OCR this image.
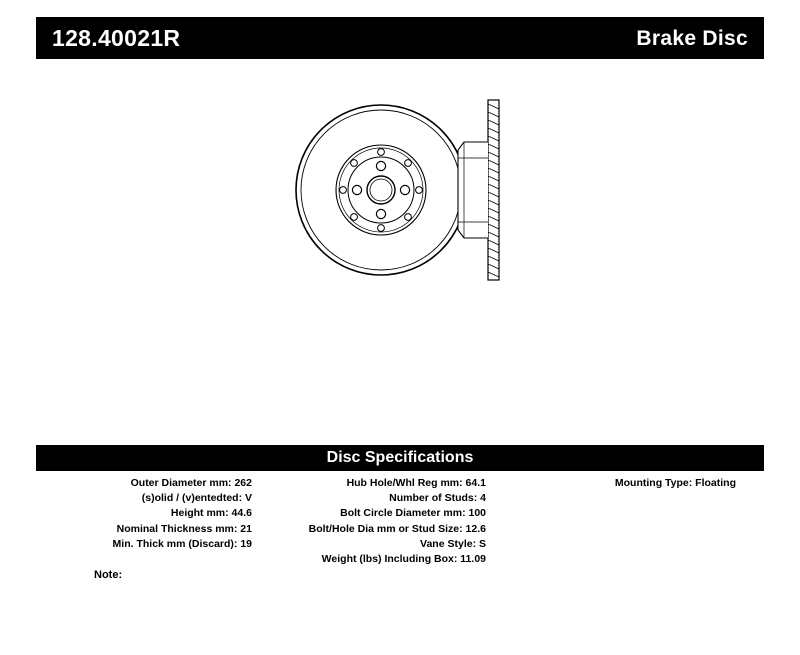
128.40021R	Brake Disc
Disc Specifications
Outer Diameter mm: 262
(s)olid / (v)entedted: V
Height mm: 44.6
Nominal Thickness mm: 21
Min. Thick mm (Discard): 19
Hub Hole/Whl Reg mm: 64.1
Number of Studs: 4
Bolt Circle Diameter mm: 100
Bolt/Hole Dia mm or Stud Size: 12.6
Vane Style: S
Weight (lbs) Including Box: 11.09
Mounting Type: Floating
Note:
